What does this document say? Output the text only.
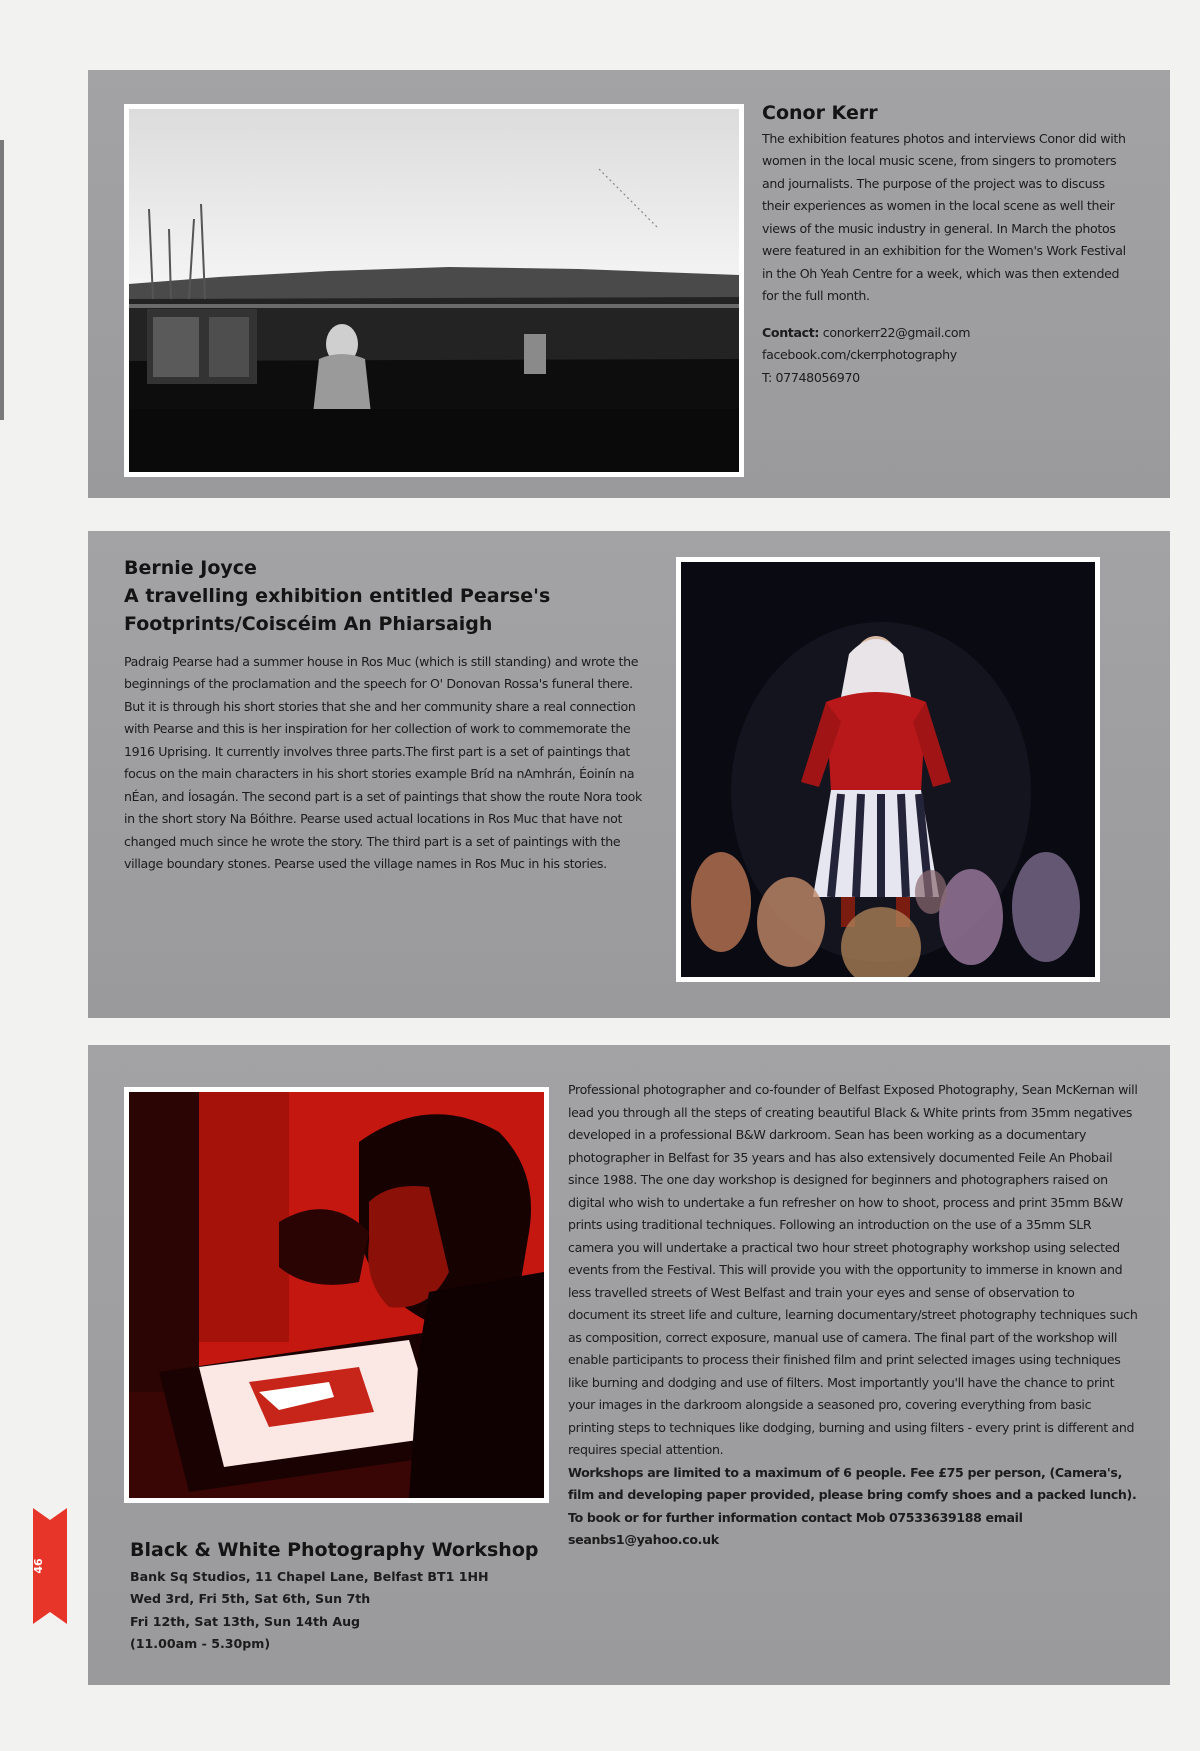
Conor Kerr

The exhibition features photos and interviews Conor did with women in the local music scene, from singers to promoters and journalists. The purpose of the project was to discuss their experiences as women in the local scene as well their views of the music industry in general. In March the photos were featured in an exhibition for the Women's Work Festival in the Oh Yeah Centre for a week, which was then extended for the full month.

Contact: conorkerr22@gmail.com
facebook.com/ckerrphotography
T: 07748056970

Bernie Joyce
A travelling exhibition entitled Pearse's Footprints/Coiscéim An Phiarsaigh

Padraig Pearse had a summer house in Ros Muc (which is still standing) and wrote the beginnings of the proclamation and the speech for O' Donovan Rossa's funeral there. But it is through his short stories that she and her community share a real connection with Pearse and this is her inspiration for her collection of work to commemorate the 1916 Uprising. It currently involves three parts.The first part is a set of paintings that focus on the main characters in his short stories example Bríd na nAmhrán, Éoinín na nÉan, and Íosagán. The second part is a set of paintings that show the route Nora took in the short story Na Bóithre. Pearse used actual locations in Ros Muc that have not changed much since he wrote the story. The third part is a set of paintings with the village boundary stones. Pearse used the village names in Ros Muc in his stories.

Black & White Photography Workshop

Bank Sq Studios, 11 Chapel Lane, Belfast BT1 1HH
Wed 3rd, Fri 5th, Sat 6th, Sun 7th
Fri 12th, Sat 13th, Sun 14th Aug
(11.00am - 5.30pm)

Professional photographer and co-founder of Belfast Exposed Photography, Sean McKernan will lead you through all the steps of creating beautiful Black & White prints from 35mm negatives developed in a professional B&W darkroom. Sean has been working as a documentary photographer in Belfast for 35 years and has also extensively documented Feile An Phobail since 1988. The one day workshop is designed for beginners and photographers raised on digital who wish to undertake a fun refresher on how to shoot, process and print 35mm B&W prints using traditional techniques. Following an introduction on the use of a 35mm SLR camera you will undertake a practical two hour street photography workshop using selected events from the Festival. This will provide you with the opportunity to immerse in known and less travelled streets of West Belfast and train your eyes and sense of observation to document its street life and culture, learning documentary/street photography techniques such as composition, correct exposure, manual use of camera. The final part of the workshop will enable participants to process their finished film and print selected images using techniques like burning and dodging and use of filters. Most importantly you'll have the chance to print your images in the darkroom alongside a seasoned pro, covering everything from basic printing steps to techniques like dodging, burning and using filters - every print is different and requires special attention.

Workshops are limited to a maximum of 6 people. Fee £75 per person, (Camera's, film and developing paper provided, please bring comfy shoes and a packed lunch). To book or for further information contact Mob 07533639188 email seanbs1@yahoo.co.uk

46
